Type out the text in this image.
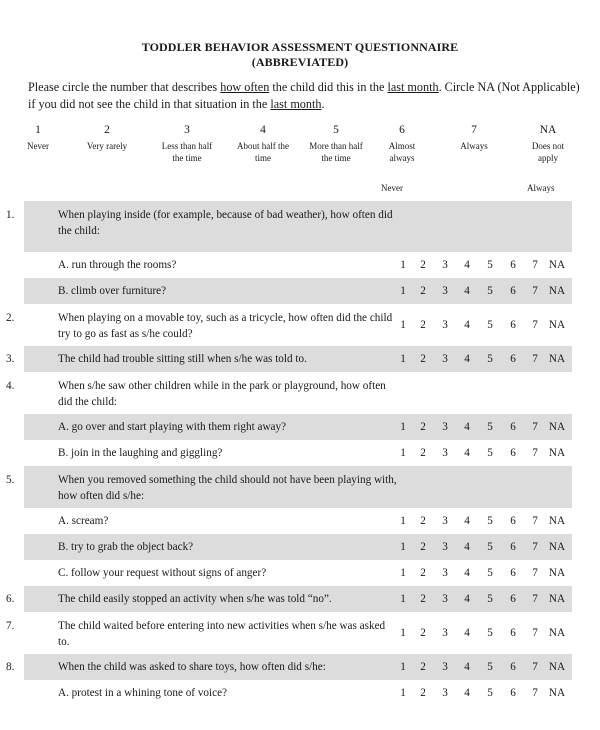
TODDLER BEHAVIOR ASSESSMENT QUESTIONNAIRE
(ABBREVIATED)
Please circle the number that describes how often the child did this in the last month. Circle NA (Not Applicable) if you did not see the child in that situation in the last month.
1
Never
2
Very rarely
3
Less than half the time
4
About half the time
5
More than half the time
6
Almost always
7
Always
NA
Does not apply
Never	Always
1.	When playing inside (for example, because of bad weather), how often did the child:
A. run through the rooms?	1	2	3	4	5	6	7 NA
B. climb over furniture?	1	2	3	4	5	6	7 NA
2.	When playing on a movable toy, such as a tricycle, how often did the child try to go as fast as s/he could?
1	2	3	4	5	6	7 NA
3.	The child had trouble sitting still when s/he was told to.	1	2	3	4	5	6	7 NA
4.	When s/he saw other children while in the park or playground, how often did the child:
A. go over and start playing with them right away?	1	2	3	4	5	6	7 NA
B. join in the laughing and giggling?	1	2	3	4	5	6	7 NA
5.	When you removed something the child should not have been playing with, how often did s/he:
A. scream?	1	2	3	4	5	6	7 NA
B. try to grab the object back?	1	2	3	4	5	6	7 NA
C. follow your request without signs of anger?	1	2	3	4	5	6	7 NA
6.	The child easily stopped an activity when s/he was told “no”.	1	2	3	4	5	6	7 NA
7.	The child waited before entering into new activities when s/he was asked to.
1	2	3	4	5	6	7 NA
8.	When the child was asked to share toys, how often did s/he:	1	2	3	4	5	6	7 NA
A. protest in a whining tone of voice?	1	2	3	4	5	6	7 NA
